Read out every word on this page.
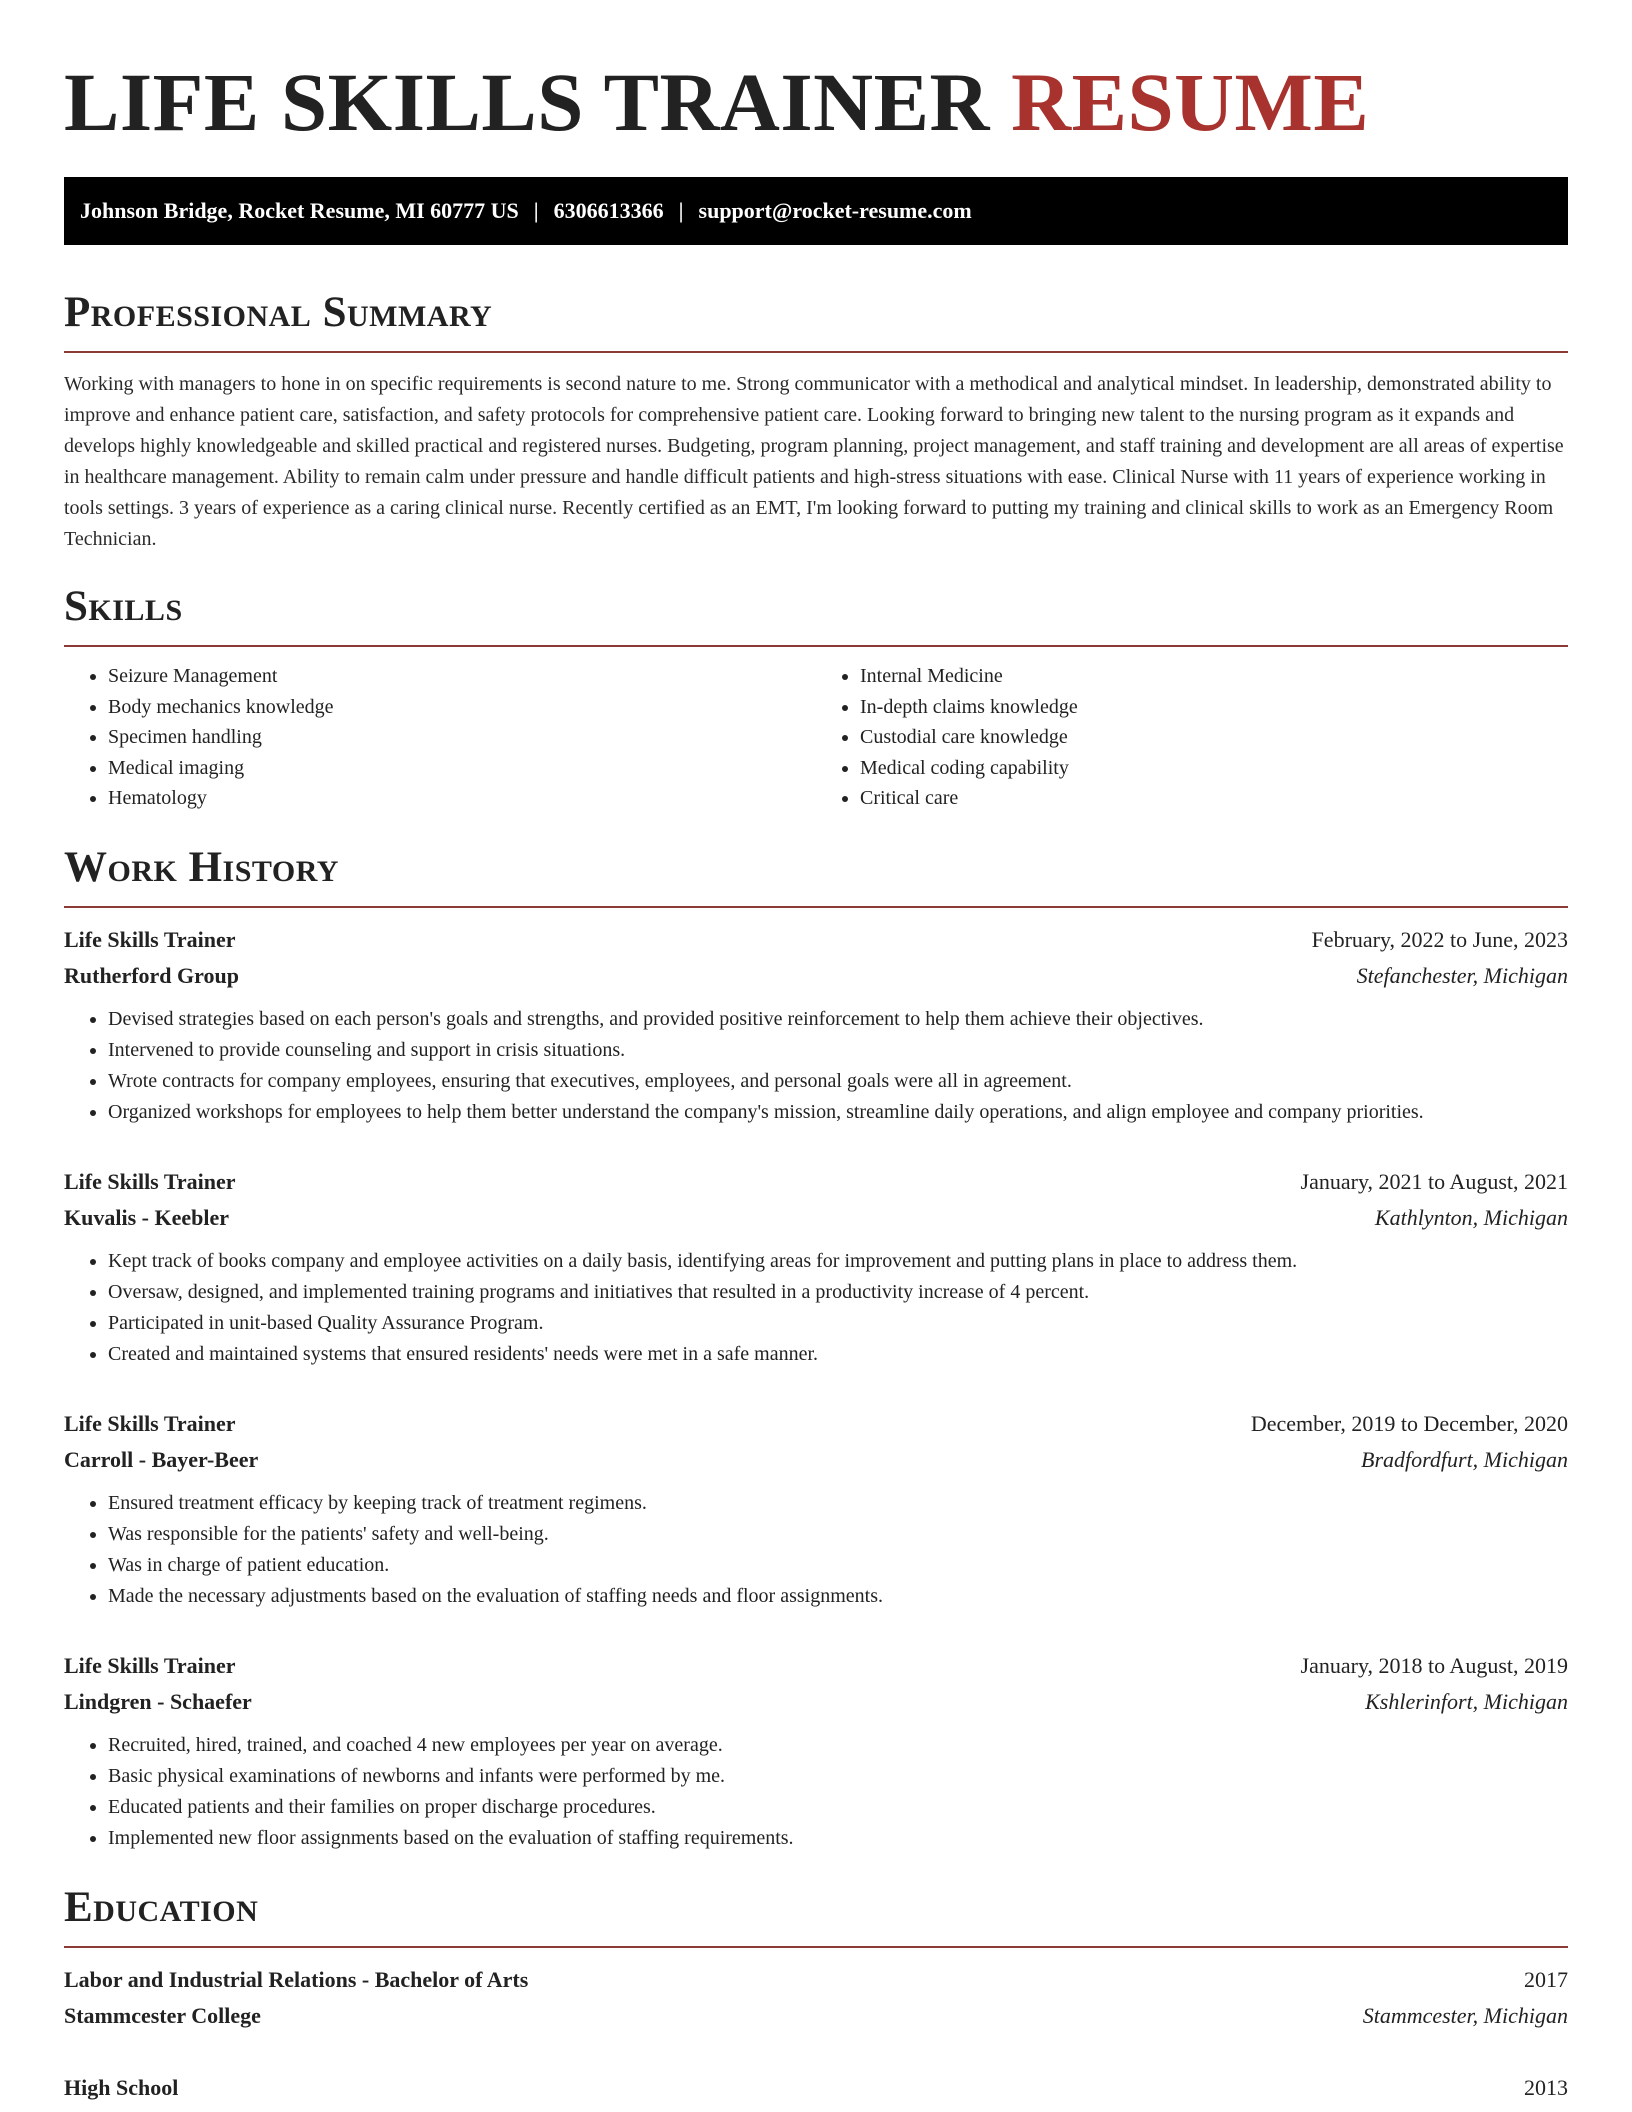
LIFE SKILLS TRAINER RESUME
Johnson Bridge, Rocket Resume, MI 60777 US | 6306613366 | support@rocket-resume.com
Professional Summary

Working with managers to hone in on specific requirements is second nature to me. Strong communicator with a methodical and analytical mindset. In leadership, demonstrated ability to improve and enhance patient care, satisfaction, and safety protocols for comprehensive patient care. Looking forward to bringing new talent to the nursing program as it expands and develops highly knowledgeable and skilled practical and registered nurses. Budgeting, program planning, project management, and staff training and development are all areas of expertise in healthcare management. Ability to remain calm under pressure and handle difficult patients and high-stress situations with ease. Clinical Nurse with 11 years of experience working in tools settings. 3 years of experience as a caring clinical nurse. Recently certified as an EMT, I'm looking forward to putting my training and clinical skills to work as an Emergency Room Technician.

Skills
• Seizure Management
• Body mechanics knowledge
• Specimen handling
• Medical imaging
• Hematology
• Internal Medicine
• In-depth claims knowledge
• Custodial care knowledge
• Medical coding capability
• Critical care
Work History
Life Skills Trainer	February, 2022 to June, 2023
Rutherford Group	Stefanchester, Michigan
• Devised strategies based on each person's goals and strengths, and provided positive reinforcement to help them achieve their objectives.
• Intervened to provide counseling and support in crisis situations.
• Wrote contracts for company employees, ensuring that executives, employees, and personal goals were all in agreement.
• Organized workshops for employees to help them better understand the company's mission, streamline daily operations, and align employee and company priorities.
Life Skills Trainer	January, 2021 to August, 2021
Kuvalis - Keebler	Kathlynton, Michigan
• Kept track of books company and employee activities on a daily basis, identifying areas for improvement and putting plans in place to address them.
• Oversaw, designed, and implemented training programs and initiatives that resulted in a productivity increase of 4 percent.
• Participated in unit-based Quality Assurance Program.
• Created and maintained systems that ensured residents' needs were met in a safe manner.
Life Skills Trainer	December, 2019 to December, 2020
Carroll - Bayer-Beer	Bradfordfurt, Michigan
• Ensured treatment efficacy by keeping track of treatment regimens.
• Was responsible for the patients' safety and well-being.
• Was in charge of patient education.
• Made the necessary adjustments based on the evaluation of staffing needs and floor assignments.
Life Skills Trainer	January, 2018 to August, 2019
Lindgren - Schaefer	Kshlerinfort, Michigan
• Recruited, hired, trained, and coached 4 new employees per year on average.
• Basic physical examinations of newborns and infants were performed by me.
• Educated patients and their families on proper discharge procedures.
• Implemented new floor assignments based on the evaluation of staffing requirements.
Education
Labor and Industrial Relations - Bachelor of Arts	2017
Stammcester College	Stammcester, Michigan
High School	2013
